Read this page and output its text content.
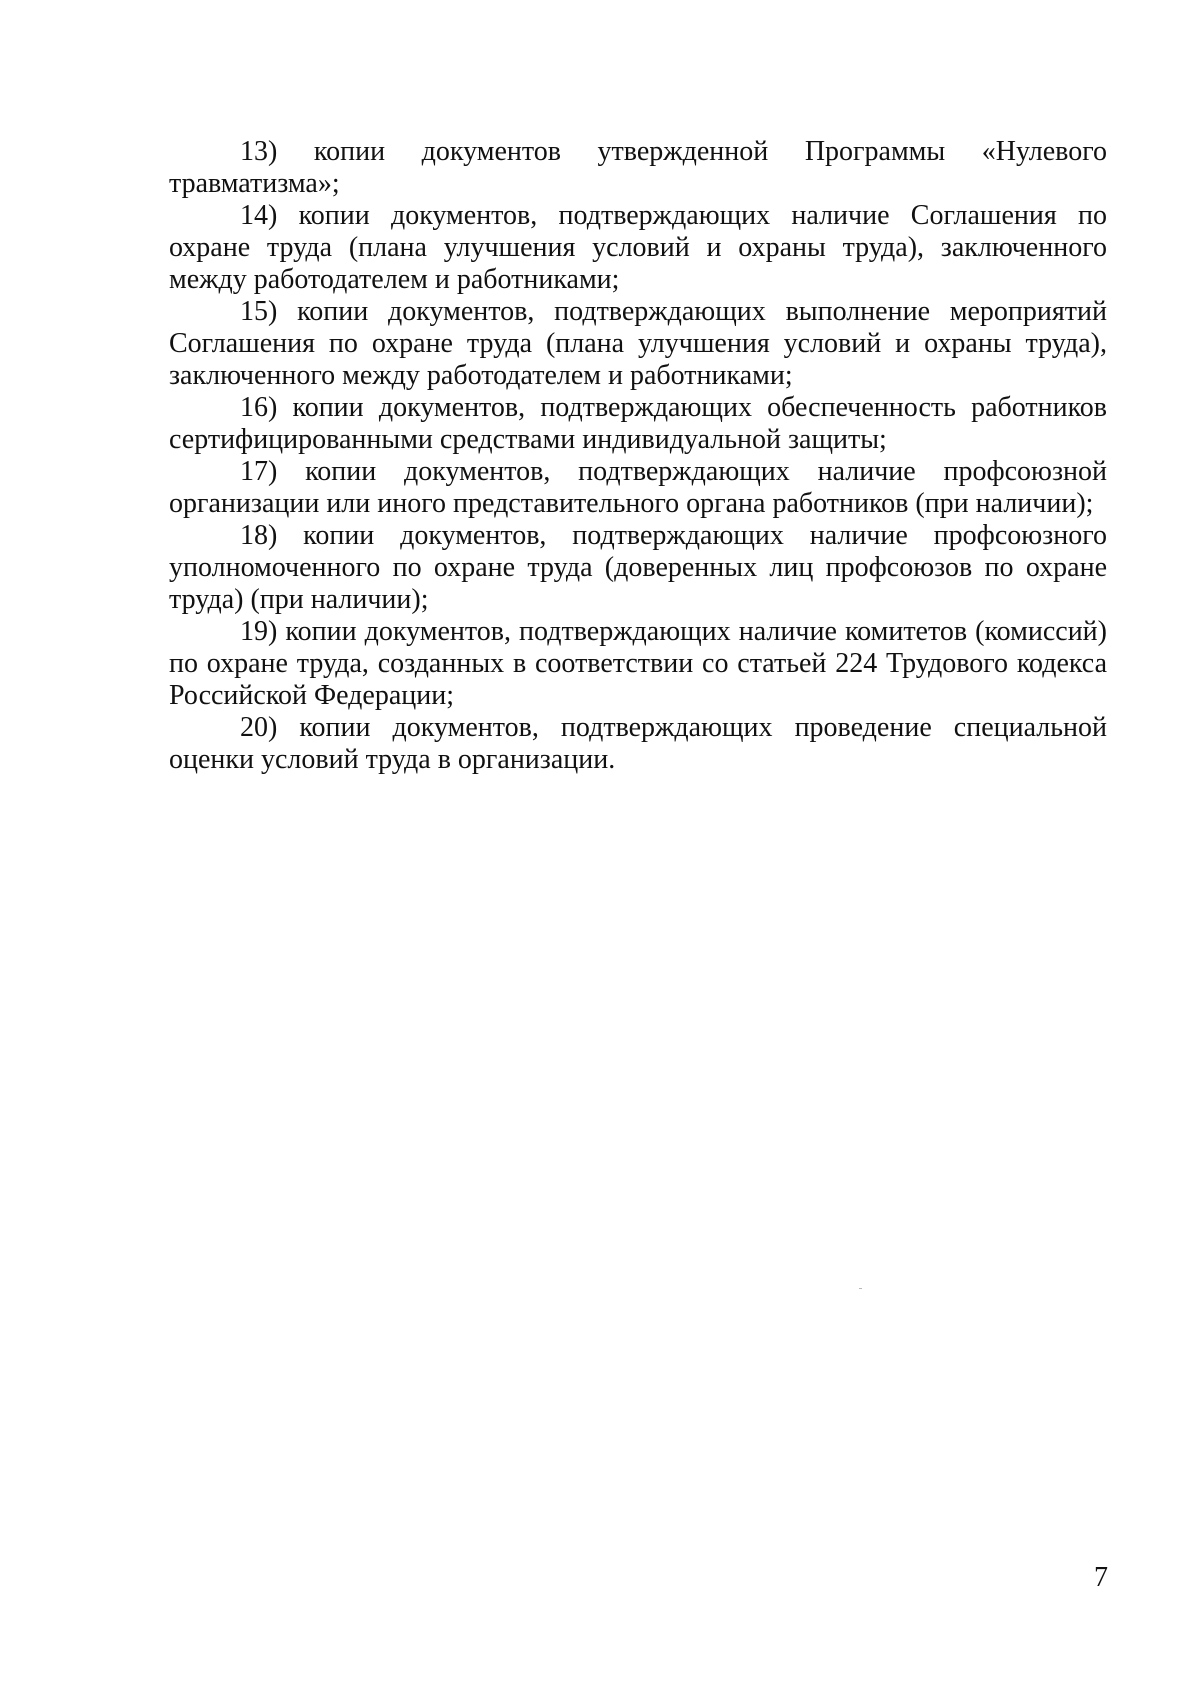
13) копии документов утвержденной Программы «Нулевого травматизма»;

14) копии документов, подтверждающих наличие Соглашения по охране труда (плана улучшения условий и охраны труда), заключенного между работодателем и работниками;

15) копии документов, подтверждающих выполнение мероприятий Соглашения по охране труда (плана улучшения условий и охраны труда), заключенного между работодателем и работниками;

16) копии документов, подтверждающих обеспеченность работников сертифицированными средствами индивидуальной защиты;

17) копии документов, подтверждающих наличие профсоюзной организации или иного представительного органа работников (при наличии);

18) копии документов, подтверждающих наличие профсоюзного уполномоченного по охране труда (доверенных лиц профсоюзов по охране труда) (при наличии);

19) копии документов, подтверждающих наличие комитетов (комиссий) по охране труда, созданных в соответствии со статьей 224 Трудового кодекса Российской Федерации;

20) копии документов, подтверждающих проведение специальной оценки условий труда в организации.

7
